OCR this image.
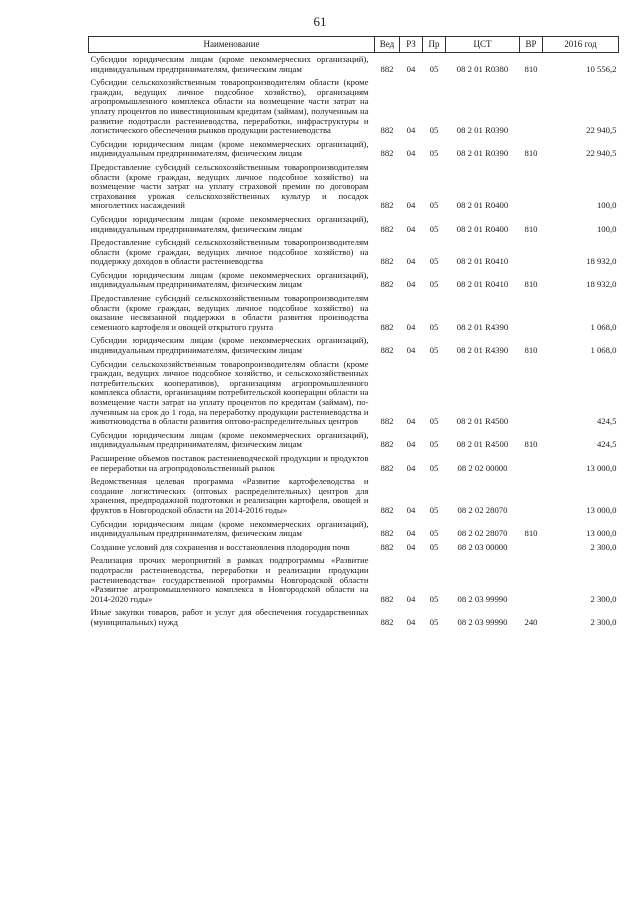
61
Наименование	Вед	РЗ	Пр	ЦСТ	ВР	2016 год
Субсидии юридическим лицам (кроме некоммерческих организаций), индивидуальным предпринимателям, физическим лицам	882	04	05	08 2 01 R0380	810	10 556,2
Субсидии сельскохозяйственным товаропроизводителям области (кроме граждан, ведущих личное подсобное хозяйство), организациям агропромышленного комплекса области на возмещение части затрат на уплату процентов по инвестиционным кредитам (займам), полученным на развитие подотрасли растениеводства, переработки, инфраструктуры и логистического обеспечения рынков продукции растениеводства	882	04	05	08 2 01 R0390		22 940,5
Субсидии юридическим лицам (кроме некоммерческих организаций), индивидуальным предпринимателям, физическим лицам	882	04	05	08 2 01 R0390	810	22 940,5
Предоставление субсидий сельскохозяйственным товаропроизводителям области (кроме граждан, ведущих личное подсобное хозяйство) на возмещение части затрат на уплату страховой премии по договорам страхования урожая сельскохозяйственных культур и посадок многолетних насаждений	882	04	05	08 2 01 R0400		100,0
Субсидии юридическим лицам (кроме некоммерческих организаций), индивидуальным предпринимателям, физическим лицам	882	04	05	08 2 01 R0400	810	100,0
Предоставление субсидий сельскохозяйственным товаропроизводителям области (кроме граждан, ведущих личное подсобное хозяйство) на поддержку доходов в области растениеводства	882	04	05	08 2 01 R0410		18 932,0
Субсидии юридическим лицам (кроме некоммерческих организаций), индивидуальным предпринимателям, физическим лицам	882	04	05	08 2 01 R0410	810	18 932,0
Предоставление субсидий сельскохозяйственным товаропроизводителям области (кроме граждан, ведущих личное подсобное хозяйство) на оказание несвязанной поддержки в области развития производства семенного картофеля и овощей открытого грунта	882	04	05	08 2 01 R4390		1 068,0
Субсидии юридическим лицам (кроме некоммерческих организаций), индивидуальным предпринимателям, физическим лицам	882	04	05	08 2 01 R4390	810	1 068,0
Субсидии сельскохозяйственным товаропроизводителям области (кроме граждан, ведущих личное подсобное хозяйство, и сельскохозяйственных потребительских кооперативов), организациям агропромышленного комплекса области, организациям потребительской кооперации области на возмещение части затрат на уплату процентов по кредитам (займам), полученным на срок до 1 года, на переработку продукции растениеводства и животноводства в области развития оптово-распределительных центров	882	04	05	08 2 01 R4500		424,5
Субсидии юридическим лицам (кроме некоммерческих организаций), индивидуальным предпринимателям, физическим лицам	882	04	05	08 2 01 R4500	810	424,5
Расширение объемов поставок растениеводческой продукции и продуктов ее переработки на агропродовольственный рынок	882	04	05	08 2 02 00000		13 000,0
Ведомственная целевая программа «Развитие картофелеводства и создание логистических (оптовых распределительных) центров для хранения, предпродажной подготовки и реализации картофеля, овощей и фруктов в Новгородской области на 2014-2016 годы»	882	04	05	08 2 02 28070		13 000,0
Субсидии юридическим лицам (кроме некоммерческих организаций), индивидуальным предпринимателям, физическим лицам	882	04	05	08 2 02 28070	810	13 000,0
Создание условий для сохранения и восстановления плодородия почв	882	04	05	08 2 03 00000		2 300,0
Реализация прочих мероприятий в рамках подпрограммы «Развитие подотрасли растениеводства, переработки и реализации продукции растениеводства» государственной программы Новгородской области «Развитие агропромышленного комплекса в Новгородской области на 2014-2020 годы»	882	04	05	08 2 03 99990		2 300,0
Иные закупки товаров, работ и услуг для обеспечения государственных (муниципальных) нужд	882	04	05	08 2 03 99990	240	2 300,0
